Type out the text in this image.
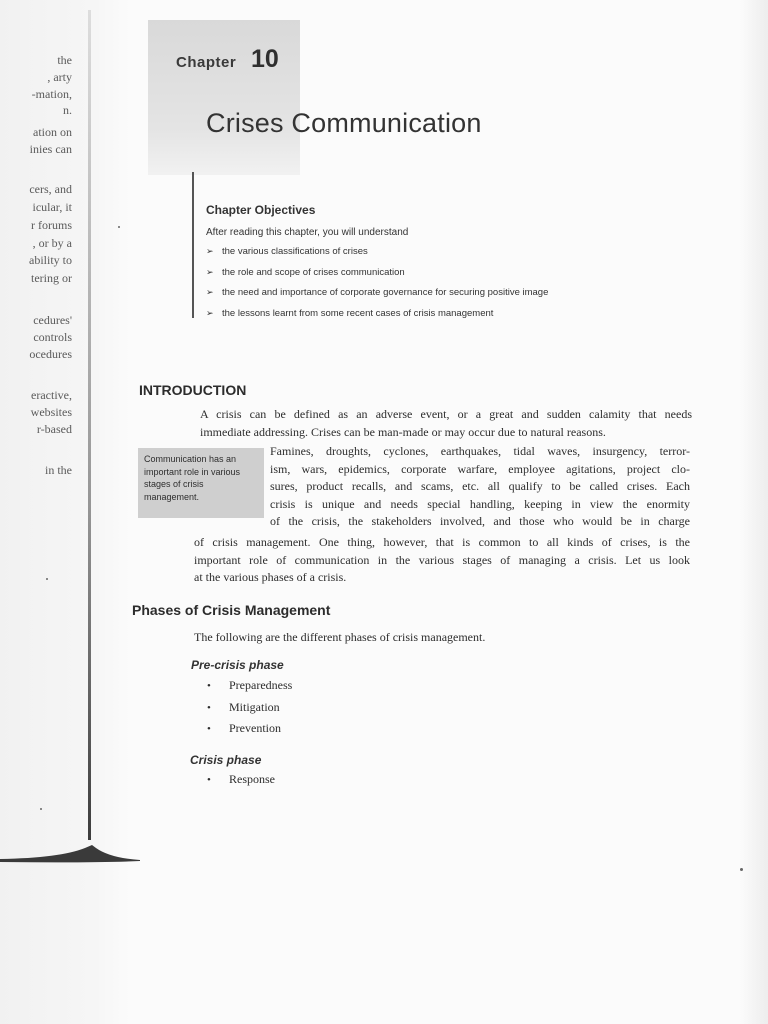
the
, arty
-mation,
n.
ation on
inies can
cers, and
icular, it
r forums
, or by a
ability to
tering or
cedures'
controls
ocedures
eractive,
websites
r-based
in the
Chapter 10
Crises Communication
Chapter Objectives
After reading this chapter, you will understand
➢ the various classifications of crises
➢ the role and scope of crises communication
➢ the need and importance of corporate governance for securing positive image
➢ the lessons learnt from some recent cases of crisis management
INTRODUCTION
A crisis can be defined as an adverse event, or a great and sudden calamity that needs
immediate addressing. Crises can be man-made or may occur due to natural reasons.
Communication has an important role in various stages of crisis management.
Famines, droughts, cyclones, earthquakes, tidal waves, insurgency, terror-
ism, wars, epidemics, corporate warfare, employee agitations, project clo-
sures, product recalls, and scams, etc. all qualify to be called crises. Each
crisis is unique and needs special handling, keeping in view the enormity
of the crisis, the stakeholders involved, and those who would be in charge
of crisis management. One thing, however, that is common to all kinds of crises, is the
important role of communication in the various stages of managing a crisis. Let us look
at the various phases of a crisis.
Phases of Crisis Management
The following are the different phases of crisis management.
Pre-crisis phase
• Preparedness
• Mitigation
• Prevention
Crisis phase
• Response
